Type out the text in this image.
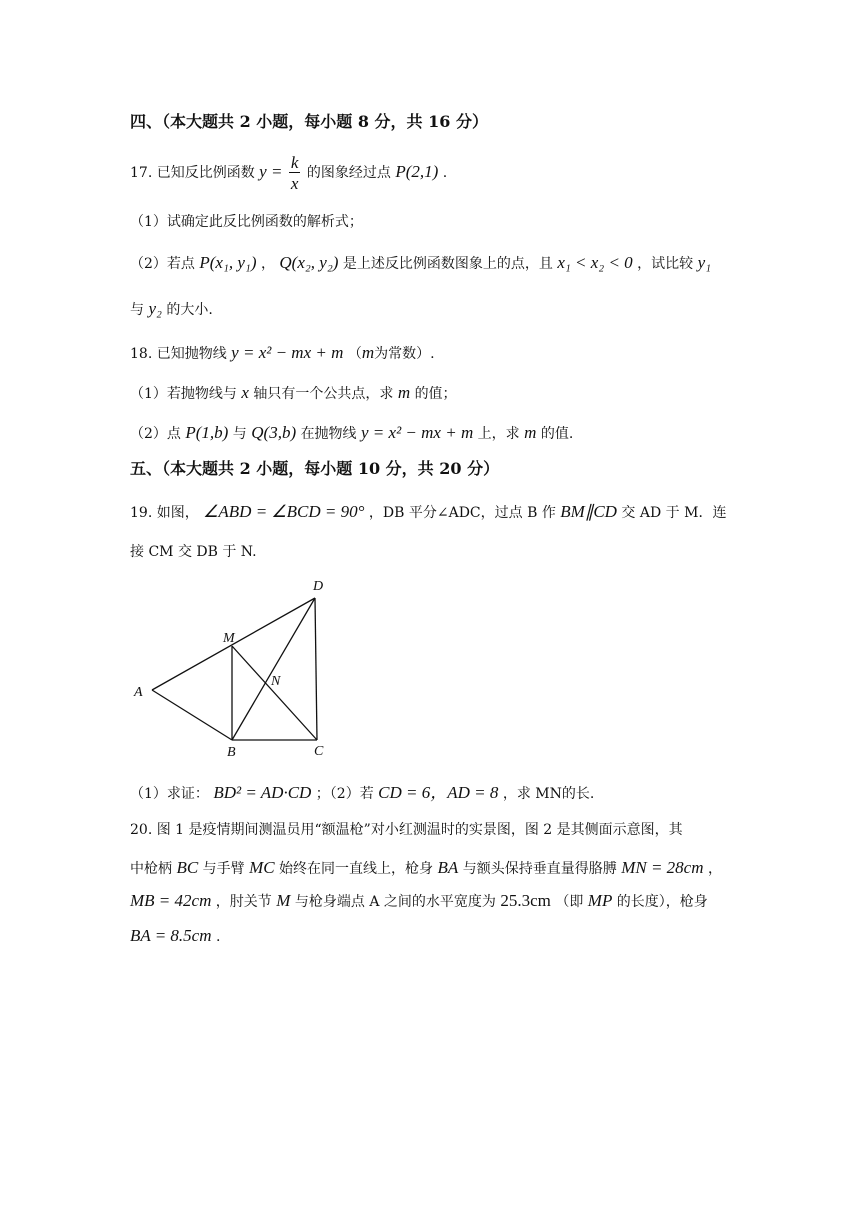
四、（本大题共 2 小题，每小题 8 分，共 16 分）
17. 已知反比例函数 $y = \frac{k}{x}$ 的图象经过点 P(2,1) .
（1）试确定此反比例函数的解析式；
（2）若点 P(x₁, y₁) ， Q(x₂, y₂) 是上述反比例函数图象上的点，且 x₁ < x₂ < 0 ，试比较 y₁
与 y₂ 的大小.
18. 已知抛物线 y = x² − mx + m （m为常数）.
（1）若抛物线与 x 轴只有一个公共点，求 m 的值；
（2）点 P(1,b) 与 Q(3,b) 在抛物线 y = x² − mx + m 上，求 m 的值.
五、（本大题共 2 小题，每小题 10 分，共 20 分）
19. 如图， ∠ABD = ∠BCD = 90° ，DB 平分∠ADC，过点 B 作 BM∥CD 交 AD 于 M．连
接 CM 交 DB 于 N.
A
B	C
D
M
N
（1）求证： BD² = AD·CD ；（2）若 CD = 6，AD = 8 ，求 MN的长.
20. 图 1 是疫情期间测温员用“额温枪”对小红测温时的实景图，图 2 是其侧面示意图，其
中枪柄 BC 与手臂 MC 始终在同一直线上，枪身 BA 与额头保持垂直量得胳膊 MN = 28cm ，
MB = 42cm ，肘关节 M 与枪身端点 A 之间的水平宽度为 25.3cm （即 MP 的长度），枪身
BA = 8.5cm .
